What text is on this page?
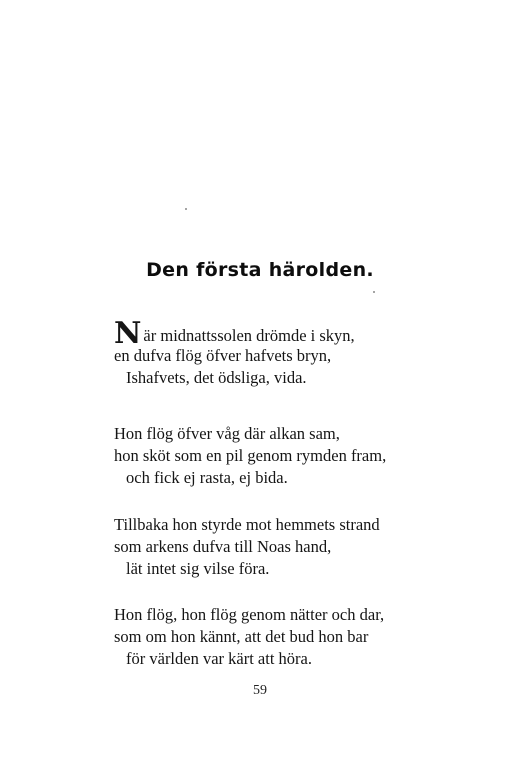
Den första härolden.
När midnattssolen drömde i skyn,
en dufva flög öfver hafvets bryn,
Ishafvets, det ödsliga, vida.
Hon flög öfver våg där alkan sam,
hon sköt som en pil genom rymden fram,
och fick ej rasta, ej bida.
Tillbaka hon styrde mot hemmets strand
som arkens dufva till Noas hand,
lät intet sig vilse föra.
Hon flög, hon flög genom nätter och dar,
som om hon kännt, att det bud hon bar
för världen var kärt att höra.
59
